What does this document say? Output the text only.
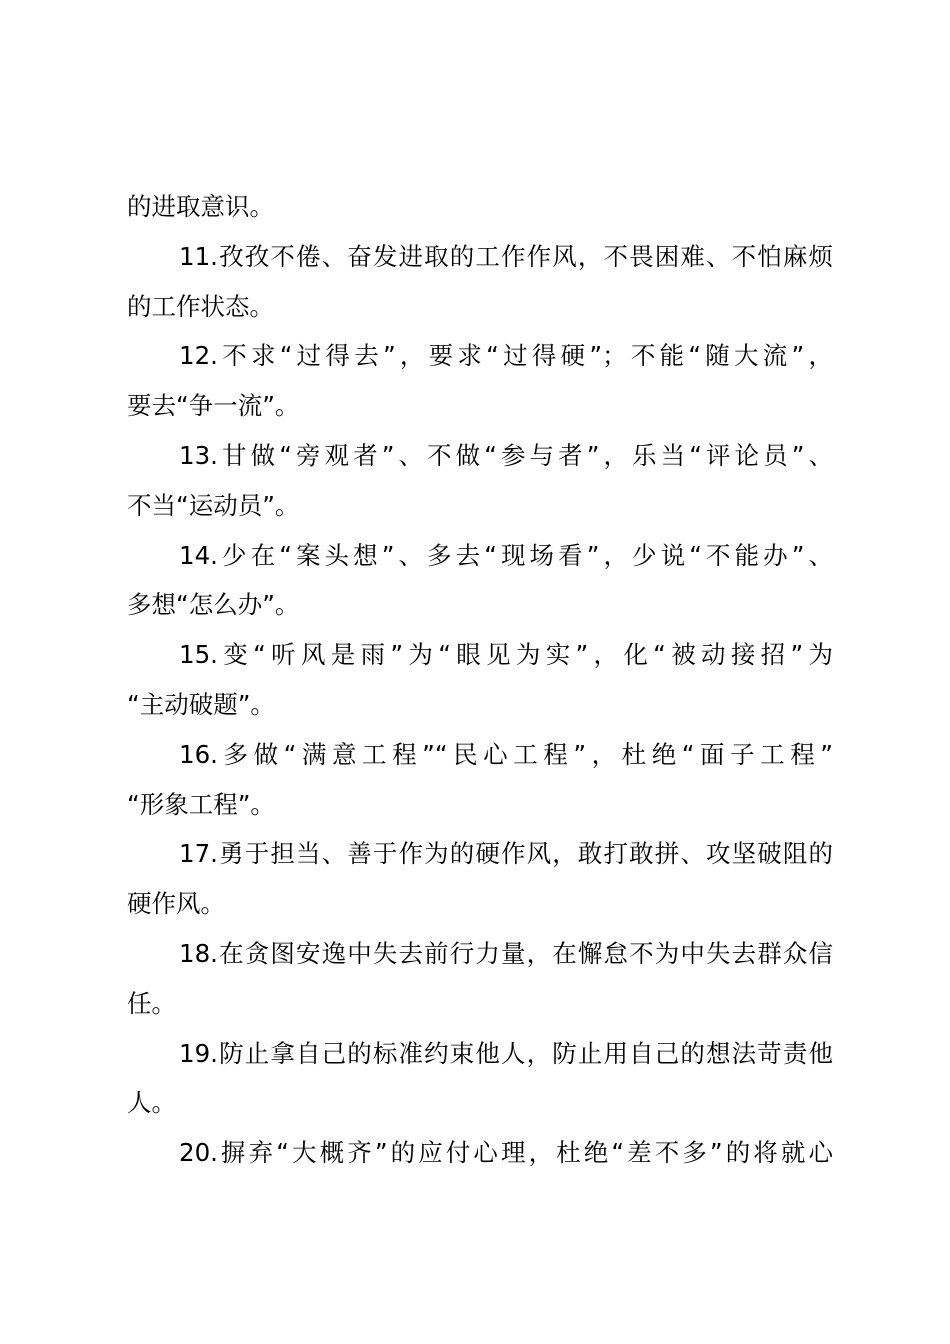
的进取意识。
11.孜孜不倦、奋发进取的工作作风，不畏困难、不怕麻烦
的工作状态。
12.不求“过得去”，要求“过得硬”；不能“随大流”，
要去“争一流”。
13.甘做“旁观者”、不做“参与者”，乐当“评论员”、
不当“运动员”。
14.少在“案头想”、多去“现场看”，少说“不能办”、
多想“怎么办”。
15.变“听风是雨”为“眼见为实”，化“被动接招”为
“主动破题”。
16.多做“满意工程”“民心工程”，杜绝“面子工程”
“形象工程”。
17.勇于担当、善于作为的硬作风，敢打敢拼、攻坚破阻的
硬作风。
18.在贪图安逸中失去前行力量，在懈怠不为中失去群众信
任。
19.防止拿自己的标准约束他人，防止用自己的想法苛责他
人。
20.摒弃“大概齐”的应付心理，杜绝“差不多”的将就心
